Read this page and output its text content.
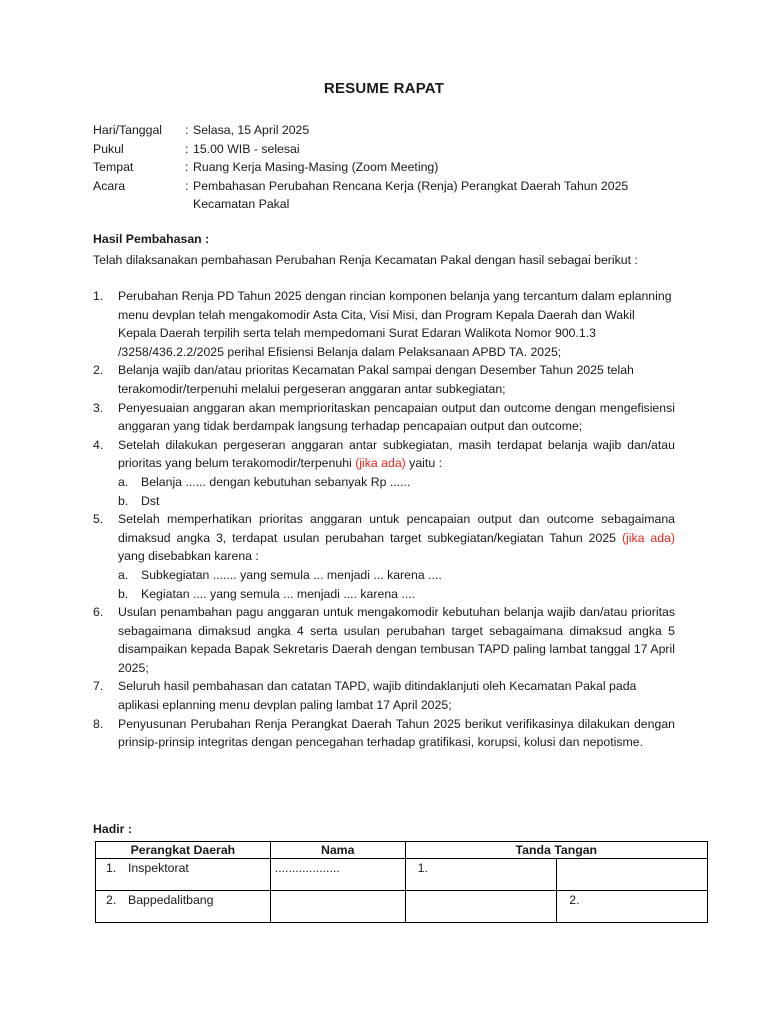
RESUME RAPAT
Hari/Tanggal	: Selasa, 15 April 2025
Pukul	: 15.00 WIB - selesai
Tempat	: Ruang Kerja Masing-Masing (Zoom Meeting)
Acara	: Pembahasan Perubahan Rencana Kerja (Renja) Perangkat Daerah Tahun 2025
Kecamatan Pakal
Hasil Pembahasan :
Telah dilaksanakan pembahasan Perubahan Renja Kecamatan Pakal dengan hasil sebagai berikut :
1.	Perubahan Renja PD Tahun 2025 dengan rincian komponen belanja yang tercantum dalam eplanning menu devplan telah mengakomodir Asta Cita, Visi Misi, dan Program Kepala Daerah dan Wakil Kepala Daerah terpilih serta telah mempedomani Surat Edaran Walikota Nomor 900.1.3 /3258/436.2.2/2025 perihal Efisiensi Belanja dalam Pelaksanaan APBD TA. 2025;
2.	Belanja wajib dan/atau prioritas Kecamatan Pakal sampai dengan Desember Tahun 2025 telah terakomodir/terpenuhi melalui pergeseran anggaran antar subkegiatan;
3.	Penyesuaian anggaran akan memprioritaskan pencapaian output dan outcome dengan mengefisiensi anggaran yang tidak berdampak langsung terhadap pencapaian output dan outcome;
4.	Setelah dilakukan pergeseran anggaran antar subkegiatan, masih terdapat belanja wajib dan/atau prioritas yang belum terakomodir/terpenuhi (jika ada) yaitu :
a.	Belanja ...... dengan kebutuhan sebanyak Rp ......
b.	Dst
5.	Setelah memperhatikan prioritas anggaran untuk pencapaian output dan outcome sebagaimana dimaksud angka 3, terdapat usulan perubahan target subkegiatan/kegiatan Tahun 2025 (jika ada) yang disebabkan karena :
a.	Subkegiatan ....... yang semula ... menjadi ... karena ....
b.	Kegiatan .... yang semula ... menjadi .... karena ....
6.	Usulan penambahan pagu anggaran untuk mengakomodir kebutuhan belanja wajib dan/atau prioritas sebagaimana dimaksud angka 4 serta usulan perubahan target sebagaimana dimaksud angka 5 disampaikan kepada Bapak Sekretaris Daerah dengan tembusan TAPD paling lambat tanggal 17 April 2025;
7.	Seluruh hasil pembahasan dan catatan TAPD, wajib ditindaklanjuti oleh Kecamatan Pakal pada aplikasi eplanning menu devplan paling lambat 17 April 2025;
8.	Penyusunan Perubahan Renja Perangkat Daerah Tahun 2025 berikut verifikasinya dilakukan dengan prinsip-prinsip integritas dengan pencegahan terhadap gratifikasi, korupsi, kolusi dan nepotisme.
Hadir :
Perangkat Daerah	Nama	Tanda Tangan	
1. Inspektorat	...................	1.	
2. Bappedalitbang			2.
